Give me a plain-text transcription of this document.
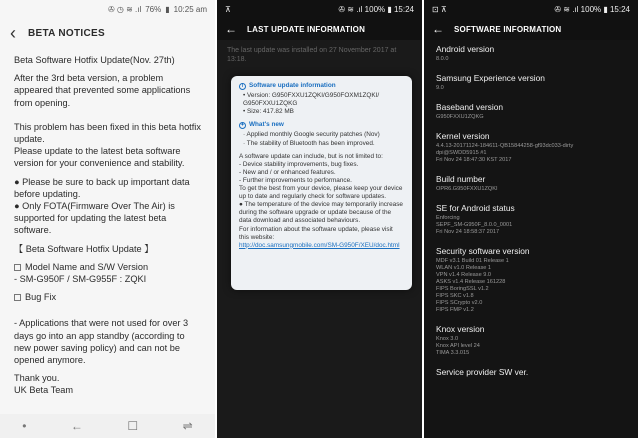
✇ ◷ ≋ .ıl 76% ▮ 10:25 am
‹ BETA NOTICES

Beta Software Hotfix Update(Nov. 27th)

After the 3rd beta version, a problem appeared that prevented some applications from opening.

This problem has been fixed in this beta hotfix update.

Please update to the latest beta software version for your convenience and stability.

● Please be sure to back up important data before updating.

● Only FOTA(Firmware Over The Air) is supported for updating the latest beta software.

【 Beta Software Hotfix Update 】

Model Name and S/W Version

- SM-G950F / SM-G955F : ZQKI

Bug Fix

- Applications that were not used for over 3 days go into an app standby (according to new power saving policy) and can not be opened anymore.

Thank you.

UK Beta Team

•	←	☐	⇌
⊼	✇ ≋ .ıl 100% ▮ 15:24
← LAST UPDATE INFORMATION
The last update was installed on 27 November 2017 at 13:18.
i Software update information
• Version: G950FXXU1ZQKI/G950FOXM1ZQKI/ G950FXXU1ZQKG
• Size: 417.82 MB
✦ What's new
· Applied monthly Google security patches (Nov)
· The stability of Bluetooth has been improved.
A software update can include, but is not limited to:
- Device stability improvements, bug fixes.
- New and / or enhanced features.
- Further improvements to performance.
To get the best from your device, please keep your device up to date and regularly check for software updates.
● The temperature of the device may temporarily increase during the software upgrade or update because of the data download and associated behaviours.
For information about the software update, please visit this website:
http://doc.samsungmobile.com/SM-G950F/XEU/doc.html
⊡ ⊼	✇ ≋ .ıl 100% ▮ 15:24
← SOFTWARE INFORMATION
Android version
8.0.0
Samsung Experience version
9.0
Baseband version
G950FXXU1ZQKG
Kernel version
4.4.13-20171124-184611-QB15844258-gf93dc033-dirty
dpi@SWDD5915 #1
Fri Nov 24 18:47:30 KST 2017
Build number
OPR6.G950FXXU1ZQKI
SE for Android status
Enforcing
SEPF_SM-G950F_8.0.0_0001
Fri Nov 24 18:58:37 2017
Security software version
MDF v3.1 Build 01 Release 1
WLAN v1.0 Release 1
VPN v1.4 Release 9.0
ASKS v1.4 Release 161228
FIPS BoringSSL v1.2
FIPS SKC v1.8
FIPS SCrypto v2.0
FIPS FMP v1.2
Knox version
Knox 3.0
Knox API level 24
TIMA 3.3.015
Service provider SW ver.
